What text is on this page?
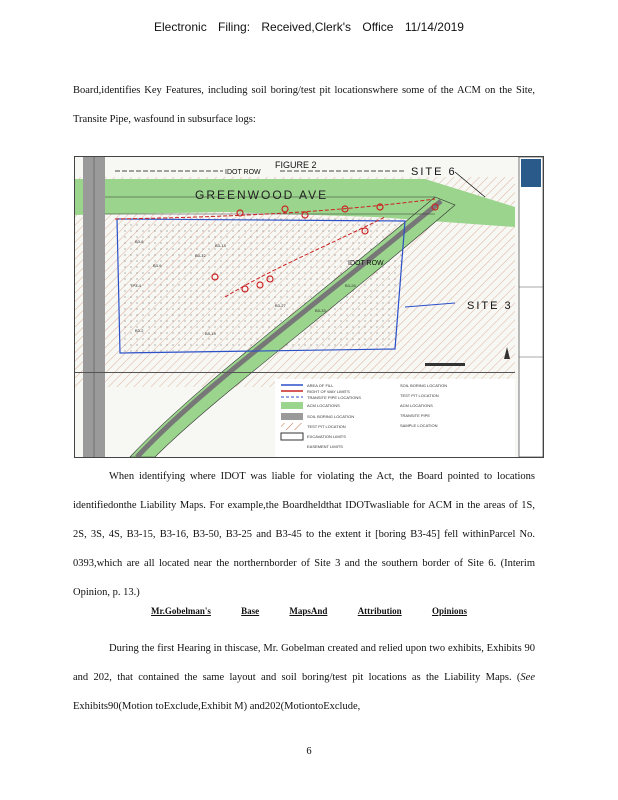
Electronic Filing: Received,Clerk's Office 11/14/2019
Board,identifies Key Features, including soil boring/test pit locationswhere some of the ACM on the Site, Transite Pipe, wasfound in subsurface logs:
AREA OF FILL
RIGHT OF WAY LIMITS
TRANSITE PIPE LOCATIONS
ACM LOCATIONS
SOIL BORING LOCATION
TEST PIT LOCATION
EXCAVATION LIMITS
EASEMENT LIMITS
SOIL BORING LOCATION
TEST PIT LOCATION
ACM LOCATIONS
TRANSITE PIPE
SAMPLE LOCATION
FIGURE 2
IDOT ROW
GREENWOOD AVE
SITE 6
IDOT ROW
SITE 3
B3-8
B3-9
TP3-4
B3-12
B3-13
B3-27
B3-33
B3-26
B3-2
B3-19
When identifying where IDOT was liable for violating the Act, the Board pointed to locations identifiedonthe Liability Maps. For example,the Boardheldthat IDOTwasliable for ACM in the areas of 1S, 2S, 3S, 4S, B3-15, B3-16, B3-50, B3-25 and B3-45 to the extent it [boring B3-45] fell withinParcel No. 0393,which are all located near the northernborder of Site 3 and the southern border of Site 6. (Interim Opinion, p. 13.)
Mr.Gobelman's	Base	MapsAnd	Attribution	Opinions
During the first Hearing in thiscase, Mr. Gobelman created and relied upon two exhibits, Exhibits 90 and 202, that contained the same layout and soil boring/test pit locations as the Liability Maps. (See Exhibits90(Motion toExclude,Exhibit M) and202(MotiontoExclude,
6
